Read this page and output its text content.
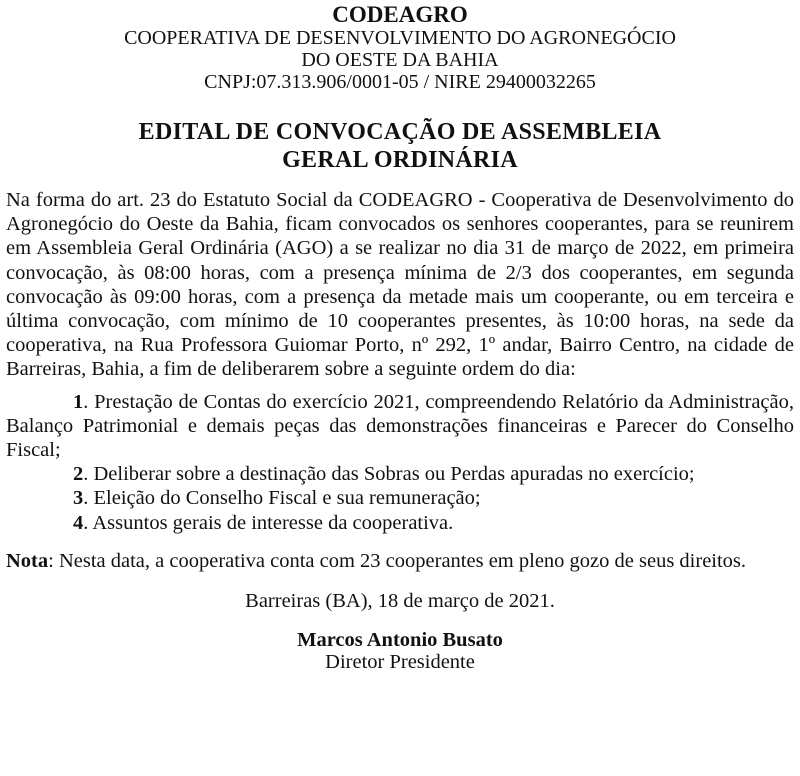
CODEAGRO
COOPERATIVA DE DESENVOLVIMENTO DO AGRONEGÓCIO
DO OESTE DA BAHIA
CNPJ:07.313.906/0001-05 / NIRE 29400032265
EDITAL DE CONVOCAÇÃO DE ASSEMBLEIA
GERAL ORDINÁRIA
Na forma do art. 23 do Estatuto Social da CODEAGRO - Cooperativa de Desenvolvimento do Agronegócio do Oeste da Bahia, ficam convocados os senhores cooperantes, para se reunirem em Assembleia Geral Ordinária (AGO) a se realizar no dia 31 de março de 2022, em primeira convocação, às 08:00 horas, com a presença mínima de 2/3 dos cooperantes, em segunda convocação às 09:00 horas, com a presença da metade mais um cooperante, ou em terceira e última convocação, com mínimo de 10 cooperantes presentes, às 10:00 horas, na sede da cooperativa, na Rua Professora Guiomar Porto, nº 292, 1º andar, Bairro Centro, na cidade de Barreiras, Bahia, a fim de deliberarem sobre a seguinte ordem do dia:
1. Prestação de Contas do exercício 2021, compreendendo Relatório da Administração, Balanço Patrimonial e demais peças das demonstrações financeiras e Parecer do Conselho Fiscal;
2. Deliberar sobre a destinação das Sobras ou Perdas apuradas no exercício;
3. Eleição do Conselho Fiscal e sua remuneração;
4. Assuntos gerais de interesse da cooperativa.
Nota: Nesta data, a cooperativa conta com 23 cooperantes em pleno gozo de seus direitos.
Barreiras (BA), 18 de março de 2021.
Marcos Antonio Busato
Diretor Presidente
